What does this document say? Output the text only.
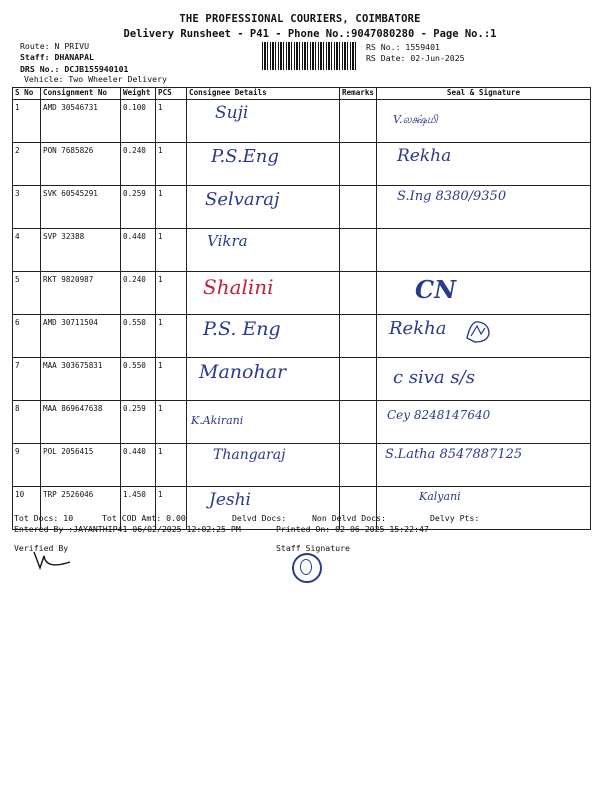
THE PROFESSIONAL COURIERS, COIMBATORE
Delivery Runsheet - P41 - Phone No.:9047080280 - Page No.:1
Route: N PRIVU
Staff: DHANAPAL
DRS No.: DCJB155940101
Vehicle: Two Wheeler Delivery
RS No.: 1559401
RS Date: 02-Jun-2025
S No	Consignment No	Weight	PCS	Consignee Details	Remarks	Seal & Signature
1	AMD 30546731	0.100	1	Suji		V.லக்ஷ்மி
2	PON 7685826	0.240	1	P.S.Eng		Rekha
3	SVK 60545291	0.259	1	Selvaraj		S.Ing 8380/9350
4	SVP 32388	0.440	1	Vikra		

5	RKT 9820987	0.240	1	Shalini		CN
6	AMD 30711504	0.550	1	P.S. Eng		Rekha
7	MAA 303675831	0.550	1	Manohar		c siva s/s
8	MAA 869647638	0.259	1	K.Akirani		Cey 8248147640
9	POL 2056415	0.440	1	Thangaraj		S.Latha 8547887125
10	TRP 2526046	1.450	1	Jeshi		Kalyani
Tot Docs: 10	Tot COD Amt: 0.00	Delvd Docs:	Non Delvd Docs:	Delvy Pts:
Entered By :JAYANTHIP41 06/02/2025 12:02:25 PM	Printed On: 02-06-2025 15:22:47
Verified By	Staff Signature
